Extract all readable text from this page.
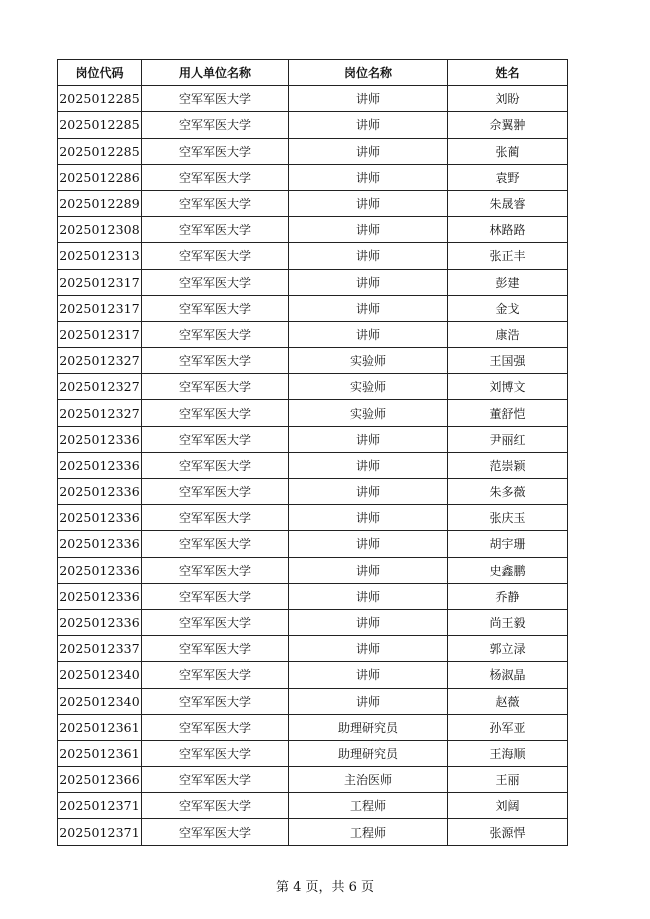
岗位代码	用人单位名称	岗位名称	姓名
2025012285	空军军医大学	讲师	刘盼
2025012285	空军军医大学	讲师	佘翼翀
2025012285	空军军医大学	讲师	张蔺
2025012286	空军军医大学	讲师	袁野
2025012289	空军军医大学	讲师	朱晟睿
2025012308	空军军医大学	讲师	林路路
2025012313	空军军医大学	讲师	张正丰
2025012317	空军军医大学	讲师	彭建
2025012317	空军军医大学	讲师	金戈
2025012317	空军军医大学	讲师	康浩
2025012327	空军军医大学	实验师	王国强
2025012327	空军军医大学	实验师	刘博文
2025012327	空军军医大学	实验师	董舒恺
2025012336	空军军医大学	讲师	尹丽红
2025012336	空军军医大学	讲师	范崇颖
2025012336	空军军医大学	讲师	朱多薇
2025012336	空军军医大学	讲师	张庆玉
2025012336	空军军医大学	讲师	胡宇珊
2025012336	空军军医大学	讲师	史鑫鹏
2025012336	空军军医大学	讲师	乔静
2025012336	空军军医大学	讲师	尚王毅
2025012337	空军军医大学	讲师	郭立渌
2025012340	空军军医大学	讲师	杨淑晶
2025012340	空军军医大学	讲师	赵薇
2025012361	空军军医大学	助理研究员	孙军亚
2025012361	空军军医大学	助理研究员	王海顺
2025012366	空军军医大学	主治医师	王丽
2025012371	空军军医大学	工程师	刘阔
2025012371	空军军医大学	工程师	张源悍
第 4 页，共 6 页
